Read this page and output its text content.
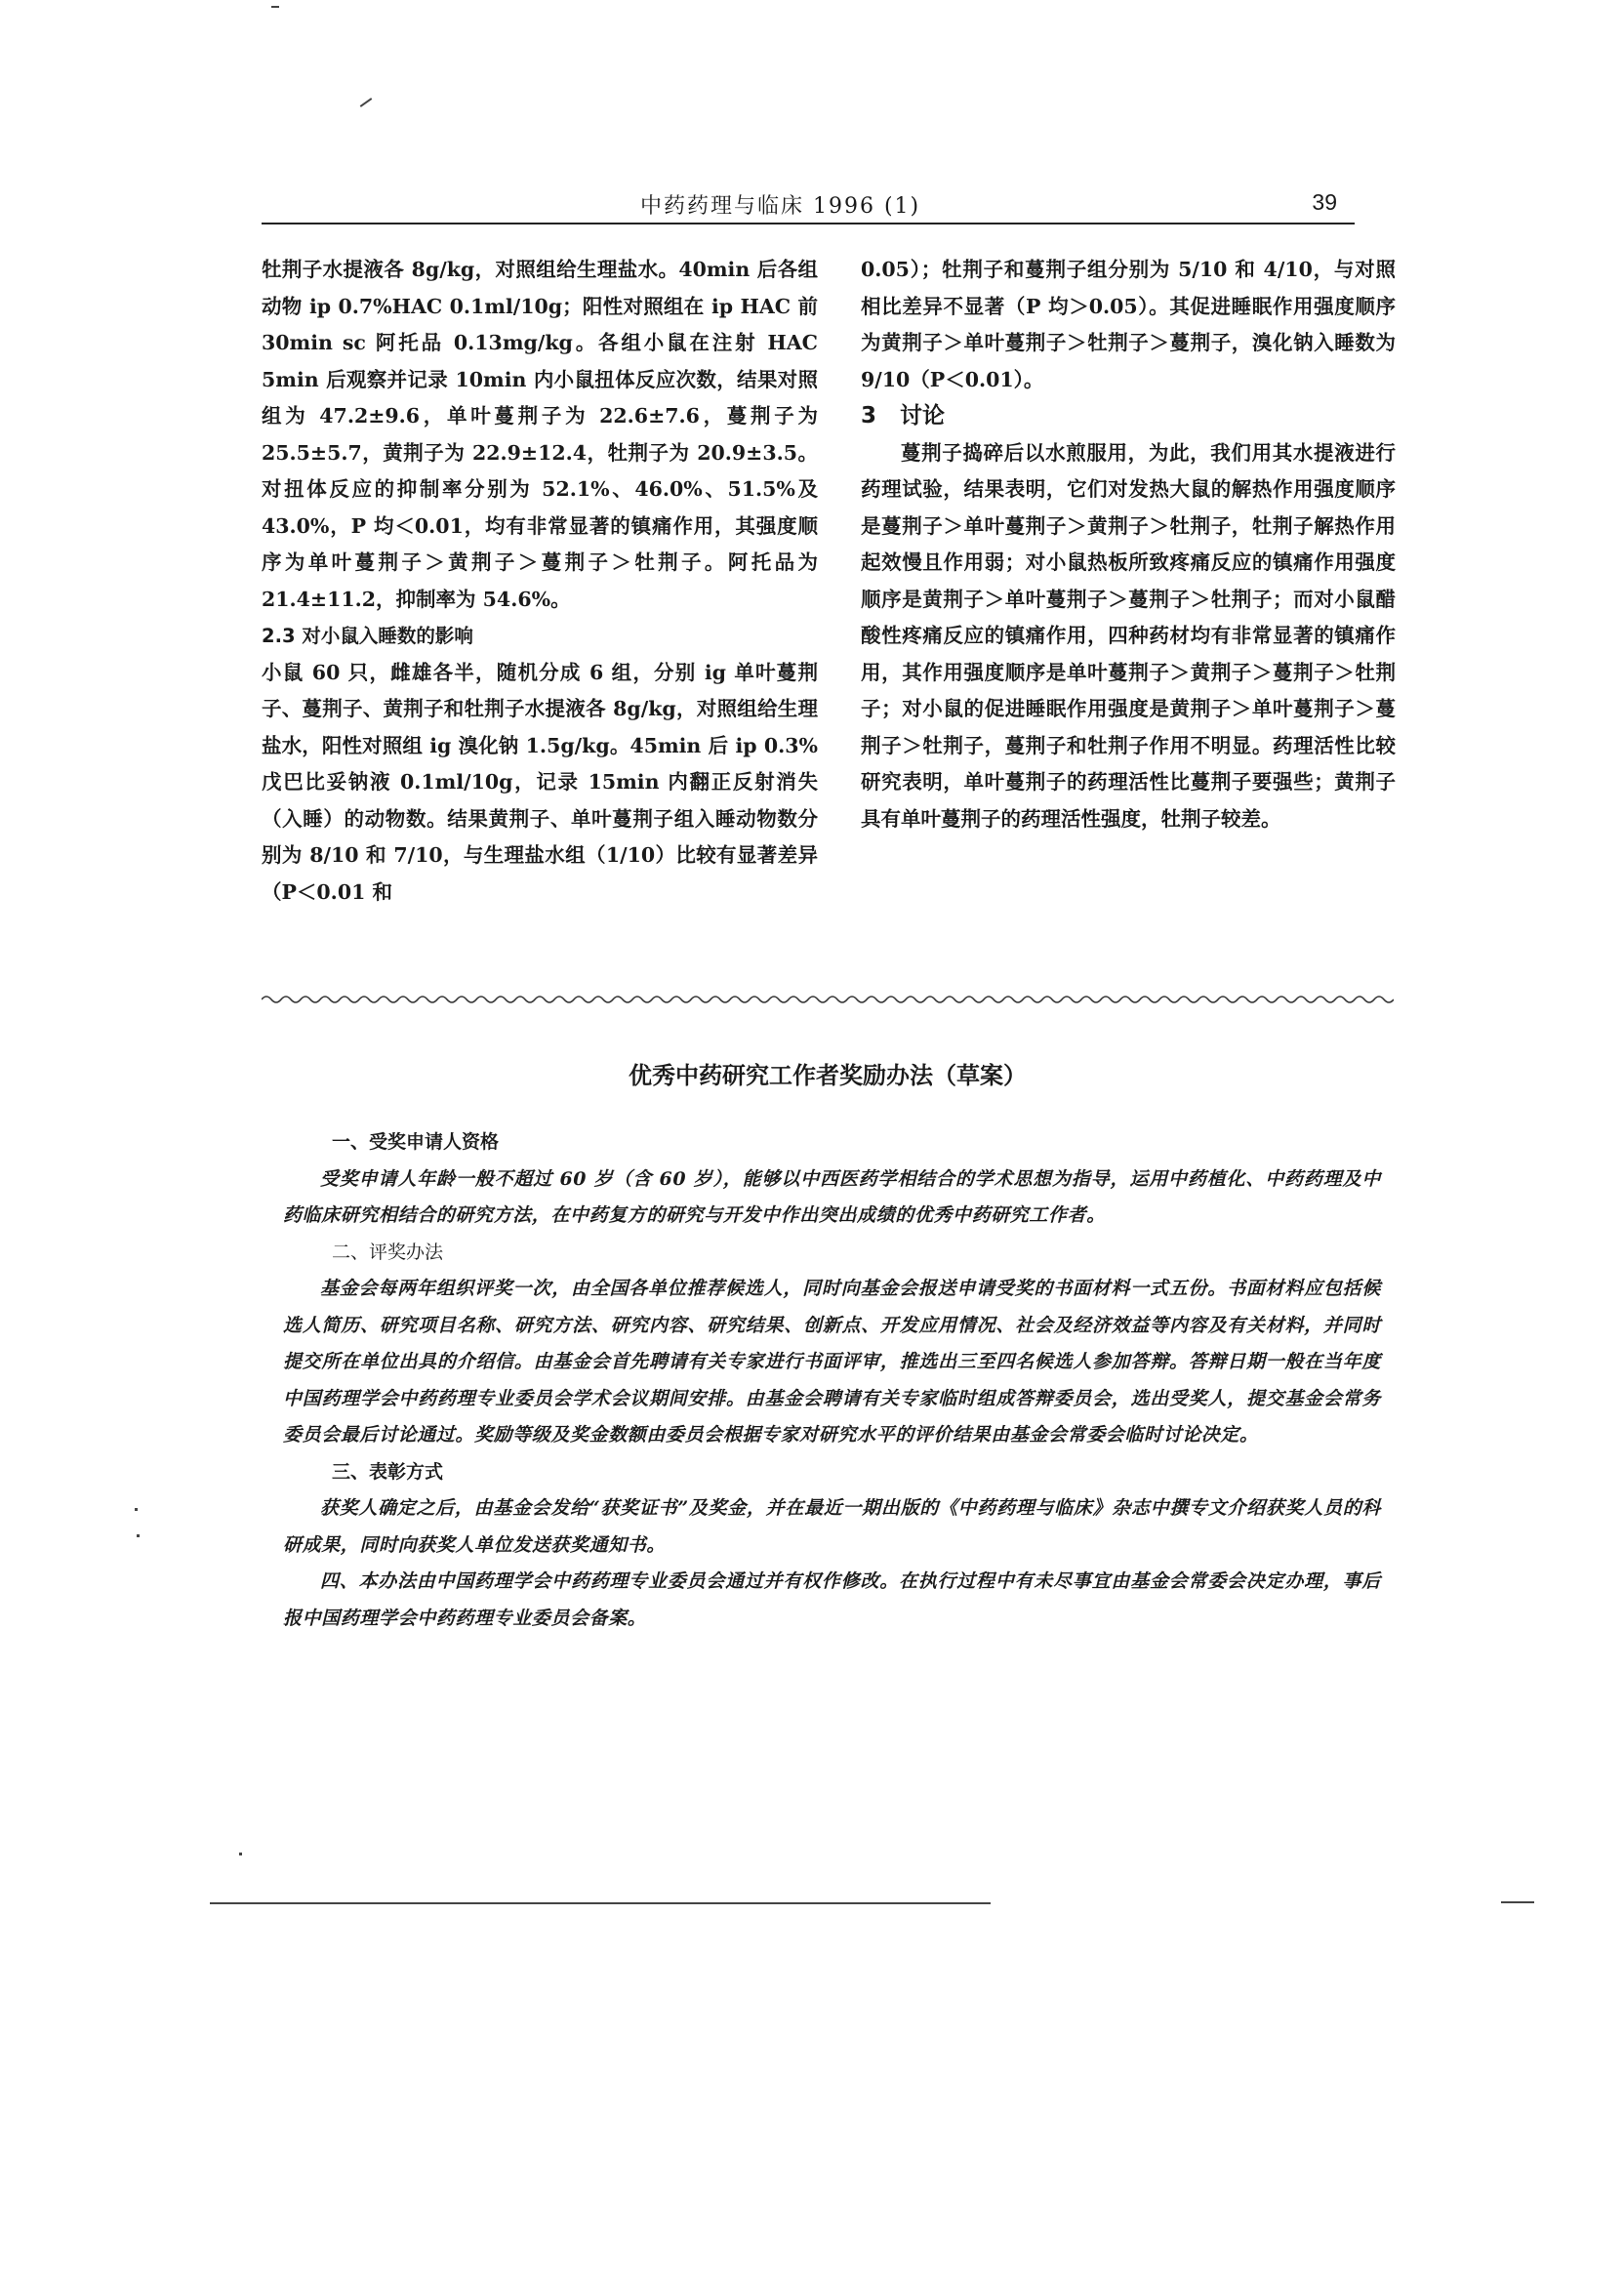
中药药理与临床 1996 (1)	39

牡荆子水提液各 8g/kg，对照组给生理盐水。40min 后各组动物 ip 0.7%HAC 0.1ml/10g；阳性对照组在 ip HAC 前 30min sc 阿托品 0.13mg/kg。各组小鼠在注射 HAC 5min 后观察并记录 10min 内小鼠扭体反应次数，结果对照组为 47.2±9.6，单叶蔓荆子为 22.6±7.6，蔓荆子为 25.5±5.7，黄荆子为 22.9±12.4，牡荆子为 20.9±3.5。对扭体反应的抑制率分别为 52.1%、46.0%、51.5%及 43.0%，P 均＜0.01，均有非常显著的镇痛作用，其强度顺序为单叶蔓荆子＞黄荆子＞蔓荆子＞牡荆子。阿托品为 21.4±11.2，抑制率为 54.6%。

2.3 对小鼠入睡数的影响

小鼠 60 只，雌雄各半，随机分成 6 组，分别 ig 单叶蔓荆子、蔓荆子、黄荆子和牡荆子水提液各 8g/kg，对照组给生理盐水，阳性对照组 ig 溴化钠 1.5g/kg。45min 后 ip 0.3%戊巴比妥钠液 0.1ml/10g，记录 15min 内翻正反射消失（入睡）的动物数。结果黄荆子、单叶蔓荆子组入睡动物数分别为 8/10 和 7/10，与生理盐水组（1/10）比较有显著差异（P＜0.01 和

0.05）；牡荆子和蔓荆子组分别为 5/10 和 4/10，与对照相比差异不显著（P 均＞0.05）。其促进睡眠作用强度顺序为黄荆子＞单叶蔓荆子＞牡荆子＞蔓荆子，溴化钠入睡数为 9/10（P＜0.01）。

3 讨论

蔓荆子捣碎后以水煎服用，为此，我们用其水提液进行药理试验，结果表明，它们对发热大鼠的解热作用强度顺序是蔓荆子＞单叶蔓荆子＞黄荆子＞牡荆子，牡荆子解热作用起效慢且作用弱；对小鼠热板所致疼痛反应的镇痛作用强度顺序是黄荆子＞单叶蔓荆子＞蔓荆子＞牡荆子；而对小鼠醋酸性疼痛反应的镇痛作用，四种药材均有非常显著的镇痛作用，其作用强度顺序是单叶蔓荆子＞黄荆子＞蔓荆子＞牡荆子；对小鼠的促进睡眠作用强度是黄荆子＞单叶蔓荆子＞蔓荆子＞牡荆子，蔓荆子和牡荆子作用不明显。药理活性比较研究表明，单叶蔓荆子的药理活性比蔓荆子要强些；黄荆子具有单叶蔓荆子的药理活性强度，牡荆子较差。

优秀中药研究工作者奖励办法（草案）

一、受奖申请人资格

受奖申请人年龄一般不超过 60 岁（含 60 岁），能够以中西医药学相结合的学术思想为指导，运用中药植化、中药药理及中药临床研究相结合的研究方法，在中药复方的研究与开发中作出突出成绩的优秀中药研究工作者。

二、评奖办法

基金会每两年组织评奖一次，由全国各单位推荐候选人，同时向基金会报送申请受奖的书面材料一式五份。书面材料应包括候选人简历、研究项目名称、研究方法、研究内容、研究结果、创新点、开发应用情况、社会及经济效益等内容及有关材料，并同时提交所在单位出具的介绍信。由基金会首先聘请有关专家进行书面评审，推选出三至四名候选人参加答辩。答辩日期一般在当年度中国药理学会中药药理专业委员会学术会议期间安排。由基金会聘请有关专家临时组成答辩委员会，选出受奖人，提交基金会常务委员会最后讨论通过。奖励等级及奖金数额由委员会根据专家对研究水平的评价结果由基金会常委会临时讨论决定。

三、表彰方式

获奖人确定之后，由基金会发给“获奖证书”及奖金，并在最近一期出版的《中药药理与临床》杂志中撰专文介绍获奖人员的科研成果，同时向获奖人单位发送获奖通知书。

四、本办法由中国药理学会中药药理专业委员会通过并有权作修改。在执行过程中有未尽事宜由基金会常委会决定办理，事后报中国药理学会中药药理专业委员会备案。
